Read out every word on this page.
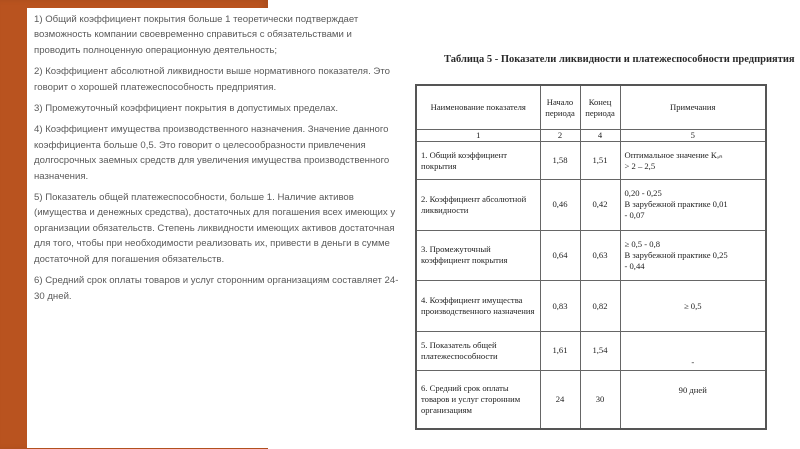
1) Общий коэффициент покрытия больше 1 теоретически подтверждает возможность компании своевременно справиться с обязательствами и проводить полноценную операционную деятельность;

2) Коэффициент абсолютной ликвидности выше нормативного показателя. Это говорит о хорошей платежеспособность предприятия.

3) Промежуточный коэффициент покрытия в допустимых пределах.

4) Коэффициент имущества производственного назначения. Значение данного коэффициента больше 0,5. Это говорит о целесообразности привлечения долгосрочных заемных средств для увеличения имущества производственного назначения.

5) Показатель общей платежеспособности, больше 1. Наличие активов (имущества и денежных средства), достаточных для погашения всех имеющих у организации обязательств. Степень ликвидности имеющих активов достаточная для того, чтобы при необходимости реализовать их, привести в деньги в сумме достаточной для погашения обязательств.

6) Средний срок оплаты товаров и услуг сторонним организациям составляет 24-30 дней.

Таблица 5 - Показатели ликвидности и платежеспособности предприятия
Наименование показателя	Начало периода	Конец периода	Примечания
1	2	4	5
1. Общий коэффициент покрытия	1,58	1,51	Оптимальное значение Кₒₙ
> 2 – 2,5

2. Коэффициент абсолютной ликвидности	0,46	0,42	0,20 - 0,25
В зарубежной практике 0,01
- 0,07

3. Промежуточный коэффициент покрытия	0,64	0,63	≥ 0,5 - 0,8
В зарубежной практике 0,25
- 0,44

4. Коэффициент имущества производственного назначения	0,83	0,82	≥ 0,5

5. Показатель общей платежеспособности	1,61	1,54	-

6. Средний срок оплаты товаров и услуг сторонним организациям	24	30	90 дней
